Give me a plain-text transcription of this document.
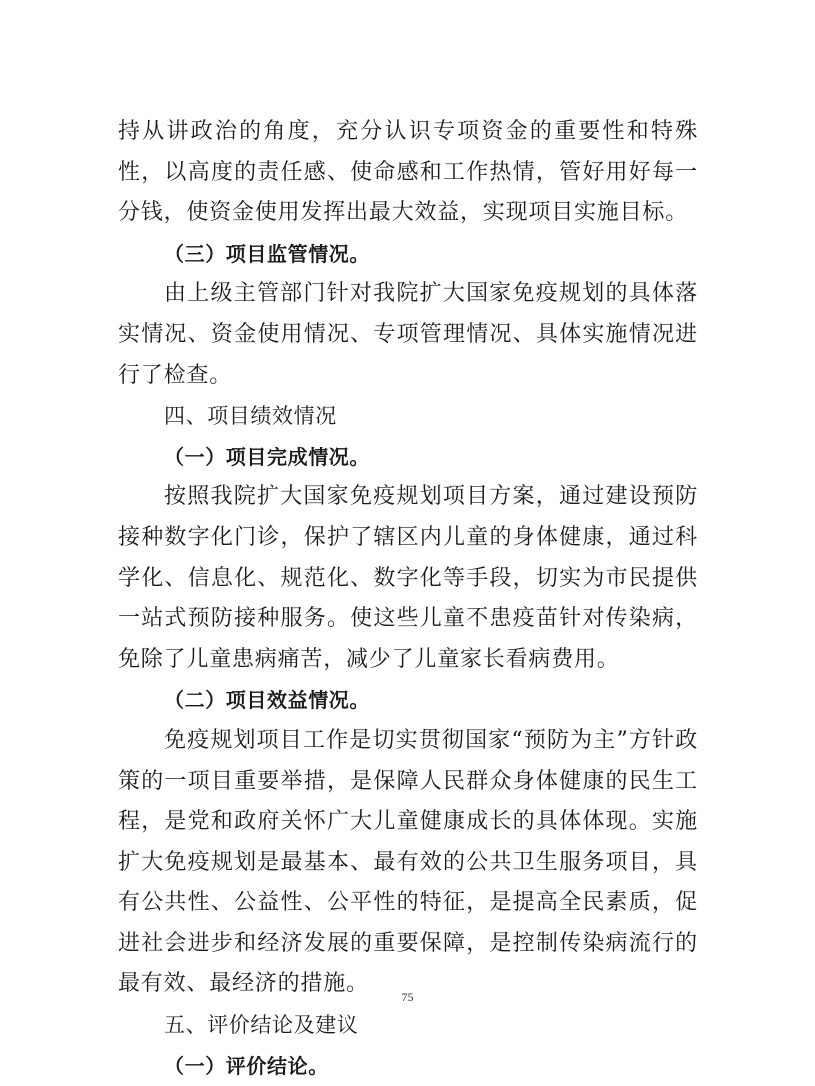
持从讲政治的角度，充分认识专项资金的重要性和特殊性，以高度的责任感、使命感和工作热情，管好用好每一分钱，使资金使用发挥出最大效益，实现项目实施目标。

（三）项目监管情况。

由上级主管部门针对我院扩大国家免疫规划的具体落实情况、资金使用情况、专项管理情况、具体实施情况进行了检查。

四、项目绩效情况

（一）项目完成情况。

按照我院扩大国家免疫规划项目方案，通过建设预防接种数字化门诊，保护了辖区内儿童的身体健康，通过科学化、信息化、规范化、数字化等手段，切实为市民提供一站式预防接种服务。使这些儿童不患疫苗针对传染病，免除了儿童患病痛苦，减少了儿童家长看病费用。

（二）项目效益情况。

免疫规划项目工作是切实贯彻国家“预防为主”方针政策的一项目重要举措，是保障人民群众身体健康的民生工程，是党和政府关怀广大儿童健康成长的具体体现。实施扩大免疫规划是最基本、最有效的公共卫生服务项目，具有公共性、公益性、公平性的特征，是提高全民素质，促进社会进步和经济发展的重要保障，是控制传染病流行的最有效、最经济的措施。

五、评价结论及建议

（一）评价结论。

75
